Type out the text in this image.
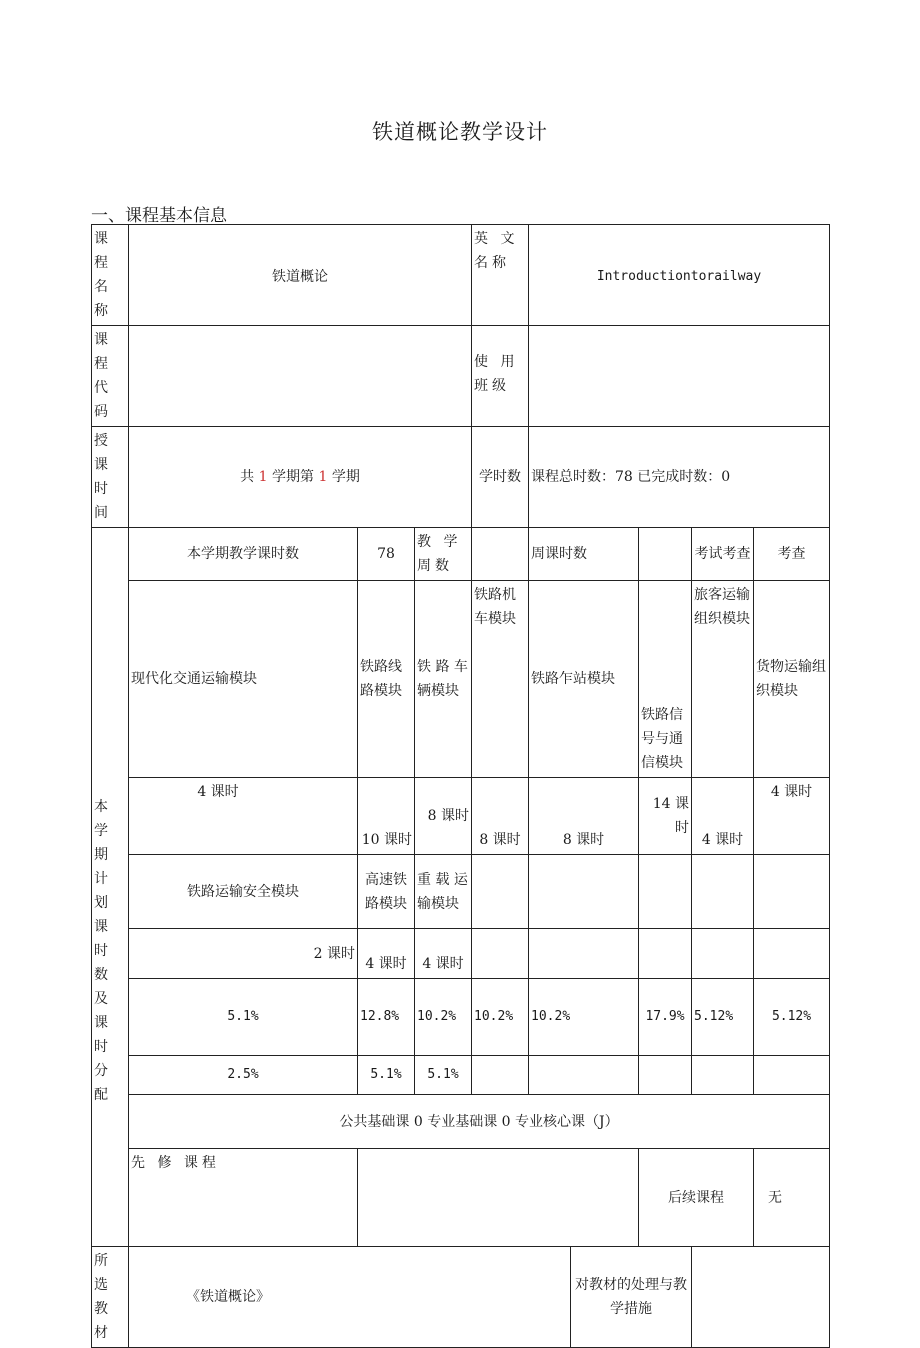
铁道概论教学设计
一、课程基本信息
课 程 名称	铁道概论			英 文 名称	Introductiontorailway					
课 程 代码				使 用 班级						
授 课 时间	共 1 学期第 1 学期			学时数	课程总时数：78 已完成时数：0					
本 学 期 计 划 课 时 数 及 课 时 分 配	本学期教学课时数	78	教 学 周数		周课时数			考试考查	考查	
	现代化交通运输模块	铁路线路模块	铁 路 车辆模块	铁路机车模块	铁路乍站模块		铁路信号与通信模块	旅客运输组织模块	货物运输组织模块	
	4 课时	10 课时	8 课时	8 课时	8 课时		14 课时	4 课时	4 课时	
	铁路运输安全模块	高速铁路模块	重 载 运输模块							
	2 课时	4 课时	4 课时							
	5.1%	12.8%	10.2%	10.2%	10.2%		17.9%	5.12%	5.12%	
	2.5%	5.1%	5.1%							
	公共基础课 0 专业基础课 0 专业核心课（J）									
	先 修 课程						后续课程		无	
所 选 教材	《铁道概论》					对教材的处理与教学措施				
